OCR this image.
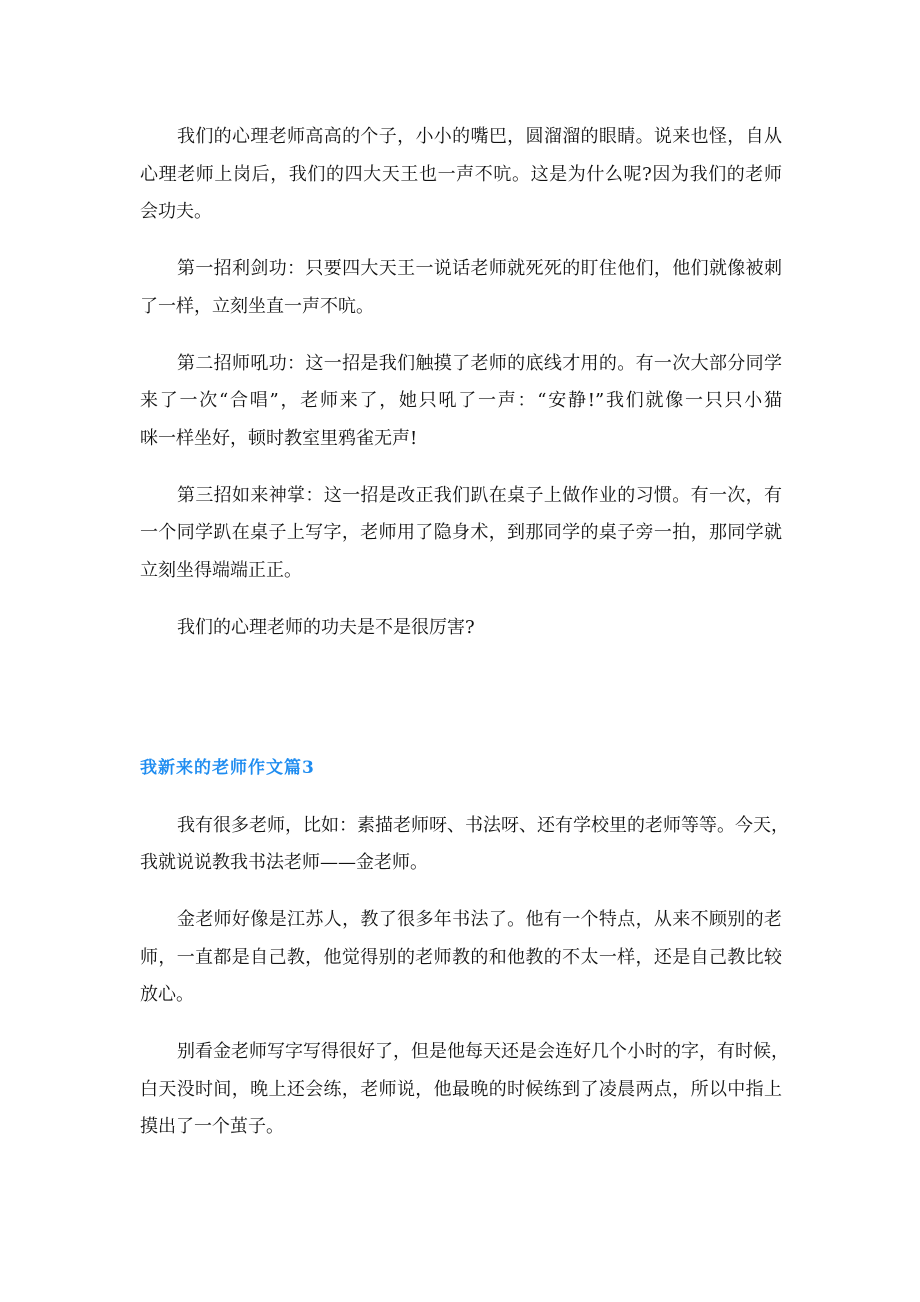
我们的心理老师高高的个子，小小的嘴巴，圆溜溜的眼睛。说来也怪，自从
心理老师上岗后，我们的四大天王也一声不吭。这是为什么呢?因为我们的老师
会功夫。
第一招利剑功：只要四大天王一说话老师就死死的盯住他们，他们就像被刺
了一样，立刻坐直一声不吭。
第二招师吼功：这一招是我们触摸了老师的底线才用的。有一次大部分同学
来了一次“合唱”，老师来了，她只吼了一声：“安静!”我们就像一只只小猫
咪一样坐好，顿时教室里鸦雀无声!
第三招如来神掌：这一招是改正我们趴在桌子上做作业的习惯。有一次，有
一个同学趴在桌子上写字，老师用了隐身术，到那同学的桌子旁一拍，那同学就
立刻坐得端端正正。
我们的心理老师的功夫是不是很厉害?
我新来的老师作文篇3
我有很多老师，比如：素描老师呀、书法呀、还有学校里的老师等等。今天，
我就说说教我书法老师——金老师。
金老师好像是江苏人，教了很多年书法了。他有一个特点，从来不顾别的老
师，一直都是自己教，他觉得别的老师教的和他教的不太一样，还是自己教比较
放心。
别看金老师写字写得很好了，但是他每天还是会连好几个小时的字，有时候，
白天没时间，晚上还会练，老师说，他最晚的时候练到了凌晨两点，所以中指上
摸出了一个茧子。
